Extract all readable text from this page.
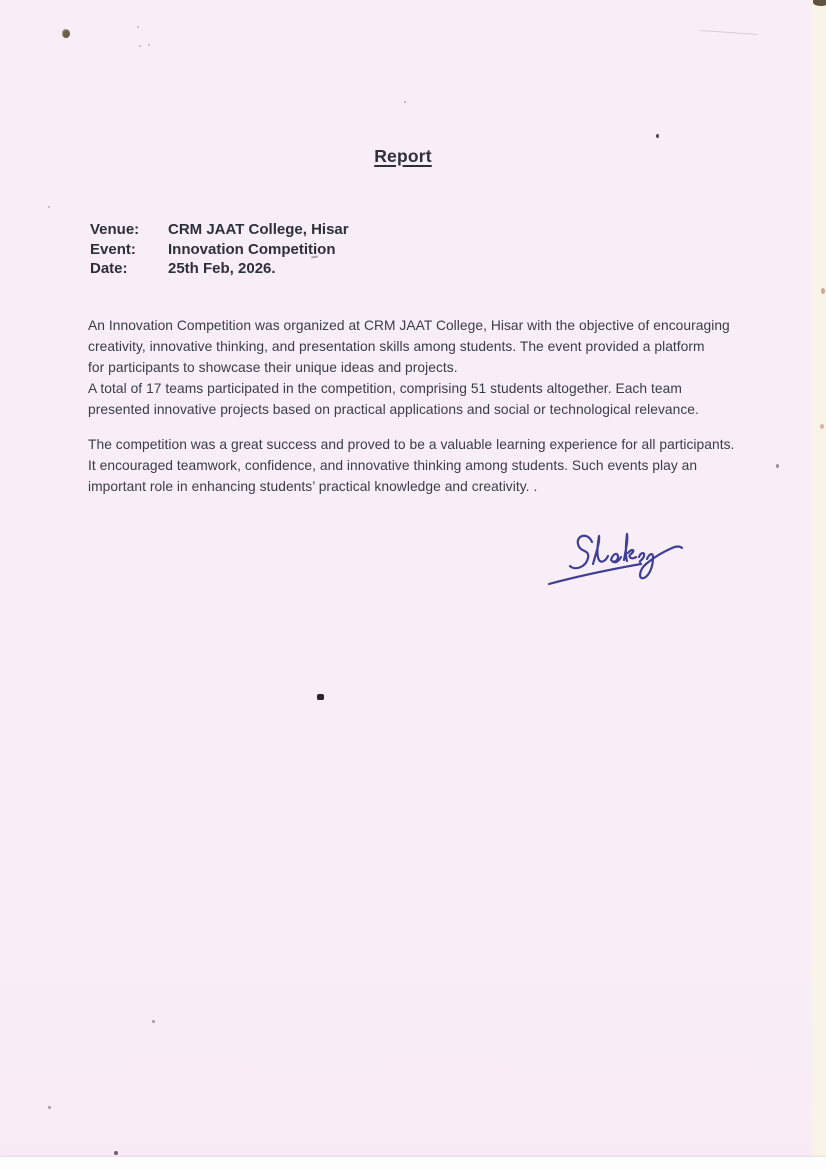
Report
Venue:	CRM JAAT College, Hisar
Event:	Innovation Competition
Date:	25th Feb, 2026.
An Innovation Competition was organized at CRM JAAT College, Hisar with the objective of encouraging
creativity, innovative thinking, and presentation skills among students. The event provided a platform
for participants to showcase their unique ideas and projects.
A total of 17 teams participated in the competition, comprising 51 students altogether. Each team
presented innovative projects based on practical applications and social or technological relevance.
The competition was a great success and proved to be a valuable learning experience for all participants.
It encouraged teamwork, confidence, and innovative thinking among students. Such events play an
important role in enhancing students’ practical knowledge and creativity. .
